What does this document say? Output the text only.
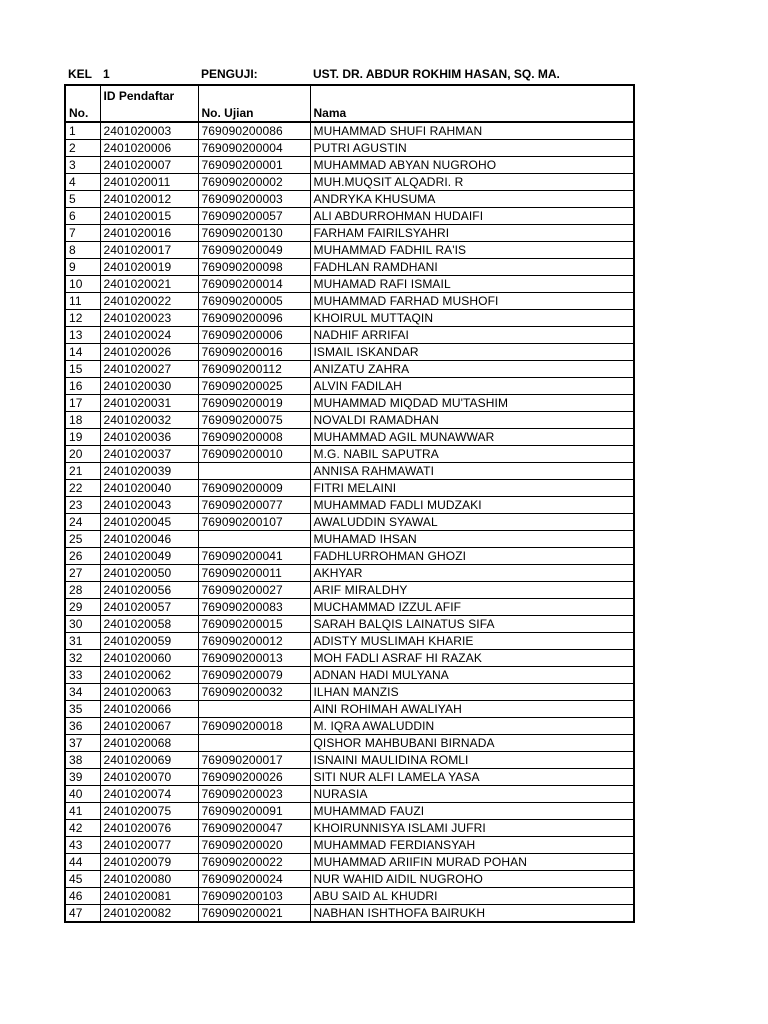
KEL	1	PENGUJI:	UST. DR. ABDUR ROKHIM HASAN, SQ. MA.
No.	ID Pendaftar	No. Ujian	Nama
1	2401020003	769090200086	MUHAMMAD SHUFI RAHMAN
2	2401020006	769090200004	PUTRI AGUSTIN
3	2401020007	769090200001	MUHAMMAD ABYAN NUGROHO
4	2401020011	769090200002	MUH.MUQSIT ALQADRI. R
5	2401020012	769090200003	ANDRYKA KHUSUMA
6	2401020015	769090200057	ALI ABDURROHMAN HUDAIFI
7	2401020016	769090200130	FARHAM FAIRILSYAHRI
8	2401020017	769090200049	MUHAMMAD FADHIL RA'IS
9	2401020019	769090200098	FADHLAN RAMDHANI
10	2401020021	769090200014	MUHAMAD RAFI ISMAIL
11	2401020022	769090200005	MUHAMMAD FARHAD MUSHOFI
12	2401020023	769090200096	KHOIRUL MUTTAQIN
13	2401020024	769090200006	NADHIF ARRIFAI
14	2401020026	769090200016	ISMAIL ISKANDAR
15	2401020027	769090200112	ANIZATU ZAHRA
16	2401020030	769090200025	ALVIN FADILAH
17	2401020031	769090200019	MUHAMMAD MIQDAD MU'TASHIM
18	2401020032	769090200075	NOVALDI RAMADHAN
19	2401020036	769090200008	MUHAMMAD AGIL MUNAWWAR
20	2401020037	769090200010	M.G. NABIL SAPUTRA
21	2401020039		ANNISA RAHMAWATI
22	2401020040	769090200009	FITRI MELAINI
23	2401020043	769090200077	MUHAMMAD FADLI MUDZAKI
24	2401020045	769090200107	AWALUDDIN SYAWAL
25	2401020046		MUHAMAD IHSAN
26	2401020049	769090200041	FADHLURROHMAN GHOZI
27	2401020050	769090200011	AKHYAR
28	2401020056	769090200027	ARIF MIRALDHY
29	2401020057	769090200083	MUCHAMMAD IZZUL AFIF
30	2401020058	769090200015	SARAH BALQIS LAINATUS SIFA
31	2401020059	769090200012	ADISTY MUSLIMAH KHARIE
32	2401020060	769090200013	MOH FADLI ASRAF HI RAZAK
33	2401020062	769090200079	ADNAN HADI MULYANA
34	2401020063	769090200032	ILHAN MANZIS
35	2401020066		AINI ROHIMAH AWALIYAH
36	2401020067	769090200018	M. IQRA AWALUDDIN
37	2401020068		QISHOR MAHBUBANI BIRNADA
38	2401020069	769090200017	ISNAINI MAULIDINA ROMLI
39	2401020070	769090200026	SITI NUR ALFI LAMELA YASA
40	2401020074	769090200023	NURASIA
41	2401020075	769090200091	MUHAMMAD FAUZI
42	2401020076	769090200047	KHOIRUNNISYA ISLAMI JUFRI
43	2401020077	769090200020	MUHAMMAD FERDIANSYAH
44	2401020079	769090200022	MUHAMMAD ARIIFIN MURAD POHAN
45	2401020080	769090200024	NUR WAHID AIDIL NUGROHO
46	2401020081	769090200103	ABU SAID AL KHUDRI
47	2401020082	769090200021	NABHAN ISHTHOFA BAIRUKH
